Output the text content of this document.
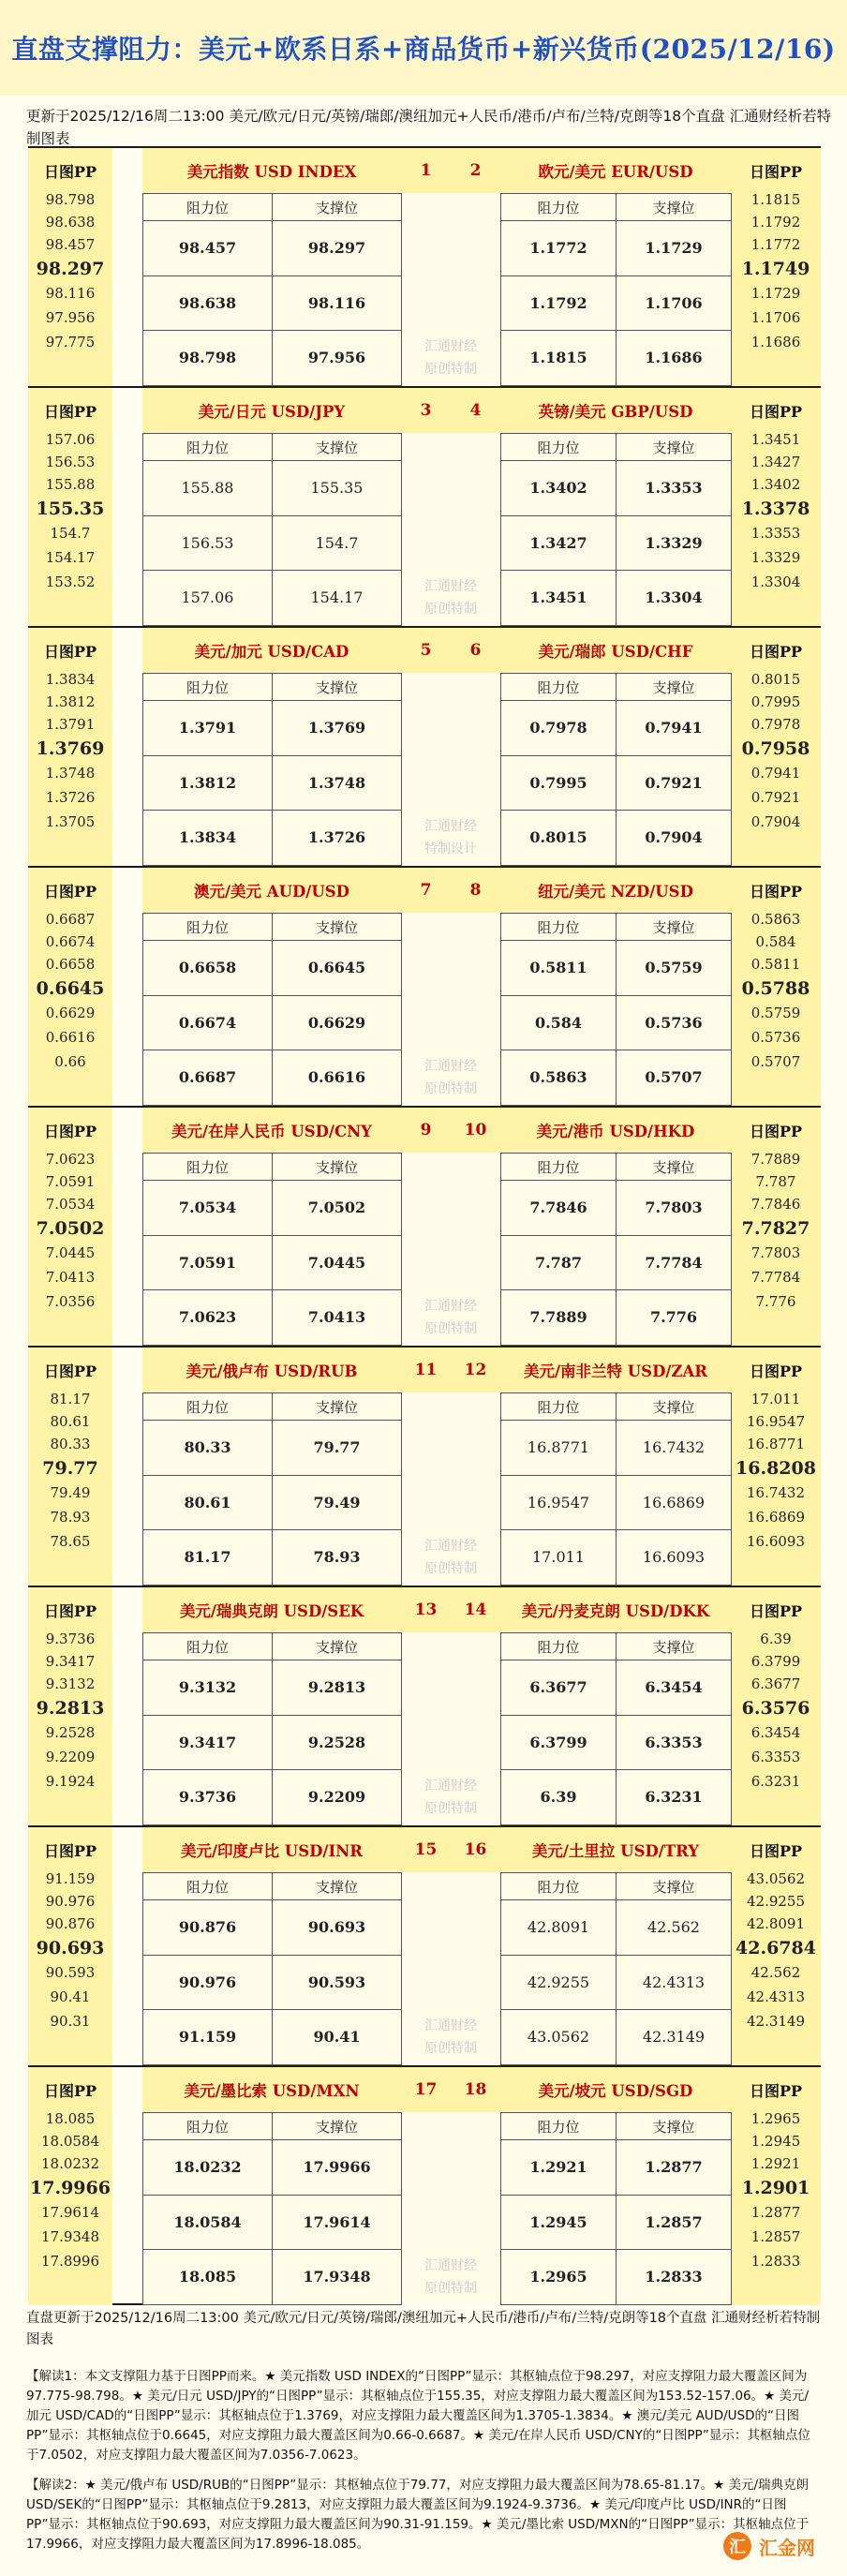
直盘支撑阻力：美元+欧系日系+商品货币+新兴货币(2025/12/16)
更新于2025/12/16周二13:00 美元/欧元/日元/英镑/瑞郎/澳纽加元+人民币/港币/卢布/兰特/克朗等18个直盘 汇通财经析若特制图表
日图PP	日图PP
美元指数 USD INDEX	欧元/美元 EUR/USD
1	2
98.798	1.1815
98.638	1.1792
98.457	1.1772
98.297	1.1749
98.116	1.1729
97.956	1.1706
97.775	1.1686
阻力位	支撑位
98.457	98.297
98.638	98.116
98.798	97.956
阻力位	支撑位
1.1772	1.1729
1.1792	1.1706
1.1815	1.1686
汇通财经
原创特制
日图PP	日图PP
美元/日元 USD/JPY	英镑/美元 GBP/USD
3	4
157.06	1.3451
156.53	1.3427
155.88	1.3402
155.35	1.3378
154.7	1.3353
154.17	1.3329
153.52	1.3304
阻力位	支撑位
155.88	155.35
156.53	154.7
157.06	154.17
阻力位	支撑位
1.3402	1.3353
1.3427	1.3329
1.3451	1.3304
汇通财经
原创特制
日图PP	日图PP
美元/加元 USD/CAD	美元/瑞郎 USD/CHF
5	6
1.3834	0.8015
1.3812	0.7995
1.3791	0.7978
1.3769	0.7958
1.3748	0.7941
1.3726	0.7921
1.3705	0.7904
阻力位	支撑位
1.3791	1.3769
1.3812	1.3748
1.3834	1.3726
阻力位	支撑位
0.7978	0.7941
0.7995	0.7921
0.8015	0.7904
汇通财经
特制设计
日图PP	日图PP
澳元/美元 AUD/USD	纽元/美元 NZD/USD
7	8
0.6687	0.5863
0.6674	0.584
0.6658	0.5811
0.6645	0.5788
0.6629	0.5759
0.6616	0.5736
0.66	0.5707
阻力位	支撑位
0.6658	0.6645
0.6674	0.6629
0.6687	0.6616
阻力位	支撑位
0.5811	0.5759
0.584	0.5736
0.5863	0.5707
汇通财经
原创特制
日图PP	日图PP
美元/在岸人民币 USD/CNY	美元/港币 USD/HKD
9	10
7.0623	7.7889
7.0591	7.787
7.0534	7.7846
7.0502	7.7827
7.0445	7.7803
7.0413	7.7784
7.0356	7.776
阻力位	支撑位
7.0534	7.0502
7.0591	7.0445
7.0623	7.0413
阻力位	支撑位
7.7846	7.7803
7.787	7.7784
7.7889	7.776
汇通财经
原创特制
日图PP	日图PP
美元/俄卢布 USD/RUB	美元/南非兰特 USD/ZAR
11	12
81.17	17.011
80.61	16.9547
80.33	16.8771
79.77	16.8208
79.49	16.7432
78.93	16.6869
78.65	16.6093
阻力位	支撑位
80.33	79.77
80.61	79.49
81.17	78.93
阻力位	支撑位
16.8771	16.7432
16.9547	16.6869
17.011	16.6093
汇通财经
原创特制
日图PP	日图PP
美元/瑞典克朗 USD/SEK	美元/丹麦克朗 USD/DKK
13	14
9.3736	6.39
9.3417	6.3799
9.3132	6.3677
9.2813	6.3576
9.2528	6.3454
9.2209	6.3353
9.1924	6.3231
阻力位	支撑位
9.3132	9.2813
9.3417	9.2528
9.3736	9.2209
阻力位	支撑位
6.3677	6.3454
6.3799	6.3353
6.39	6.3231
汇通财经
原创特制
日图PP	日图PP
美元/印度卢比 USD/INR	美元/土里拉 USD/TRY
15	16
91.159	43.0562
90.976	42.9255
90.876	42.8091
90.693	42.6784
90.593	42.562
90.41	42.4313
90.31	42.3149
阻力位	支撑位
90.876	90.693
90.976	90.593
91.159	90.41
阻力位	支撑位
42.8091	42.562
42.9255	42.4313
43.0562	42.3149
汇通财经
原创特制
日图PP	日图PP
美元/墨比索 USD/MXN	美元/坡元 USD/SGD
17	18
18.085	1.2965
18.0584	1.2945
18.0232	1.2921
17.9966	1.2901
17.9614	1.2877
17.9348	1.2857
17.8996	1.2833
阻力位	支撑位
18.0232	17.9966
18.0584	17.9614
18.085	17.9348
阻力位	支撑位
1.2921	1.2877
1.2945	1.2857
1.2965	1.2833
汇通财经
原创特制
直盘更新于2025/12/16周二13:00 美元/欧元/日元/英镑/瑞郎/澳纽加元+人民币/港币/卢布/兰特/克朗等18个直盘 汇通财经析若特制图表
【解读1：本文支撑阻力基于日图PP而来。★ 美元指数 USD INDEX的“日图PP”显示：其枢轴点位于98.297，对应支撑阻力最大覆盖区间为97.775-98.798。★ 美元/日元 USD/JPY的“日图PP”显示：其枢轴点位于155.35，对应支撑阻力最大覆盖区间为153.52-157.06。★ 美元/加元 USD/CAD的“日图PP”显示：其枢轴点位于1.3769，对应支撑阻力最大覆盖区间为1.3705-1.3834。★ 澳元/美元 AUD/USD的“日图PP”显示：其枢轴点位于0.6645，对应支撑阻力最大覆盖区间为0.66-0.6687。★ 美元/在岸人民币 USD/CNY的“日图PP”显示：其枢轴点位于7.0502，对应支撑阻力最大覆盖区间为7.0356-7.0623。
【解读2：★ 美元/俄卢布 USD/RUB的“日图PP”显示：其枢轴点位于79.77，对应支撑阻力最大覆盖区间为78.65-81.17。★ 美元/瑞典克朗 USD/SEK的“日图PP”显示：其枢轴点位于9.2813，对应支撑阻力最大覆盖区间为9.1924-9.3736。★ 美元/印度卢比 USD/INR的“日图PP”显示：其枢轴点位于90.693，对应支撑阻力最大覆盖区间为90.31-91.159。★ 美元/墨比索 USD/MXN的“日图PP”显示：其枢轴点位于17.9966，对应支撑阻力最大覆盖区间为17.8996-18.085。	汇 汇金网
